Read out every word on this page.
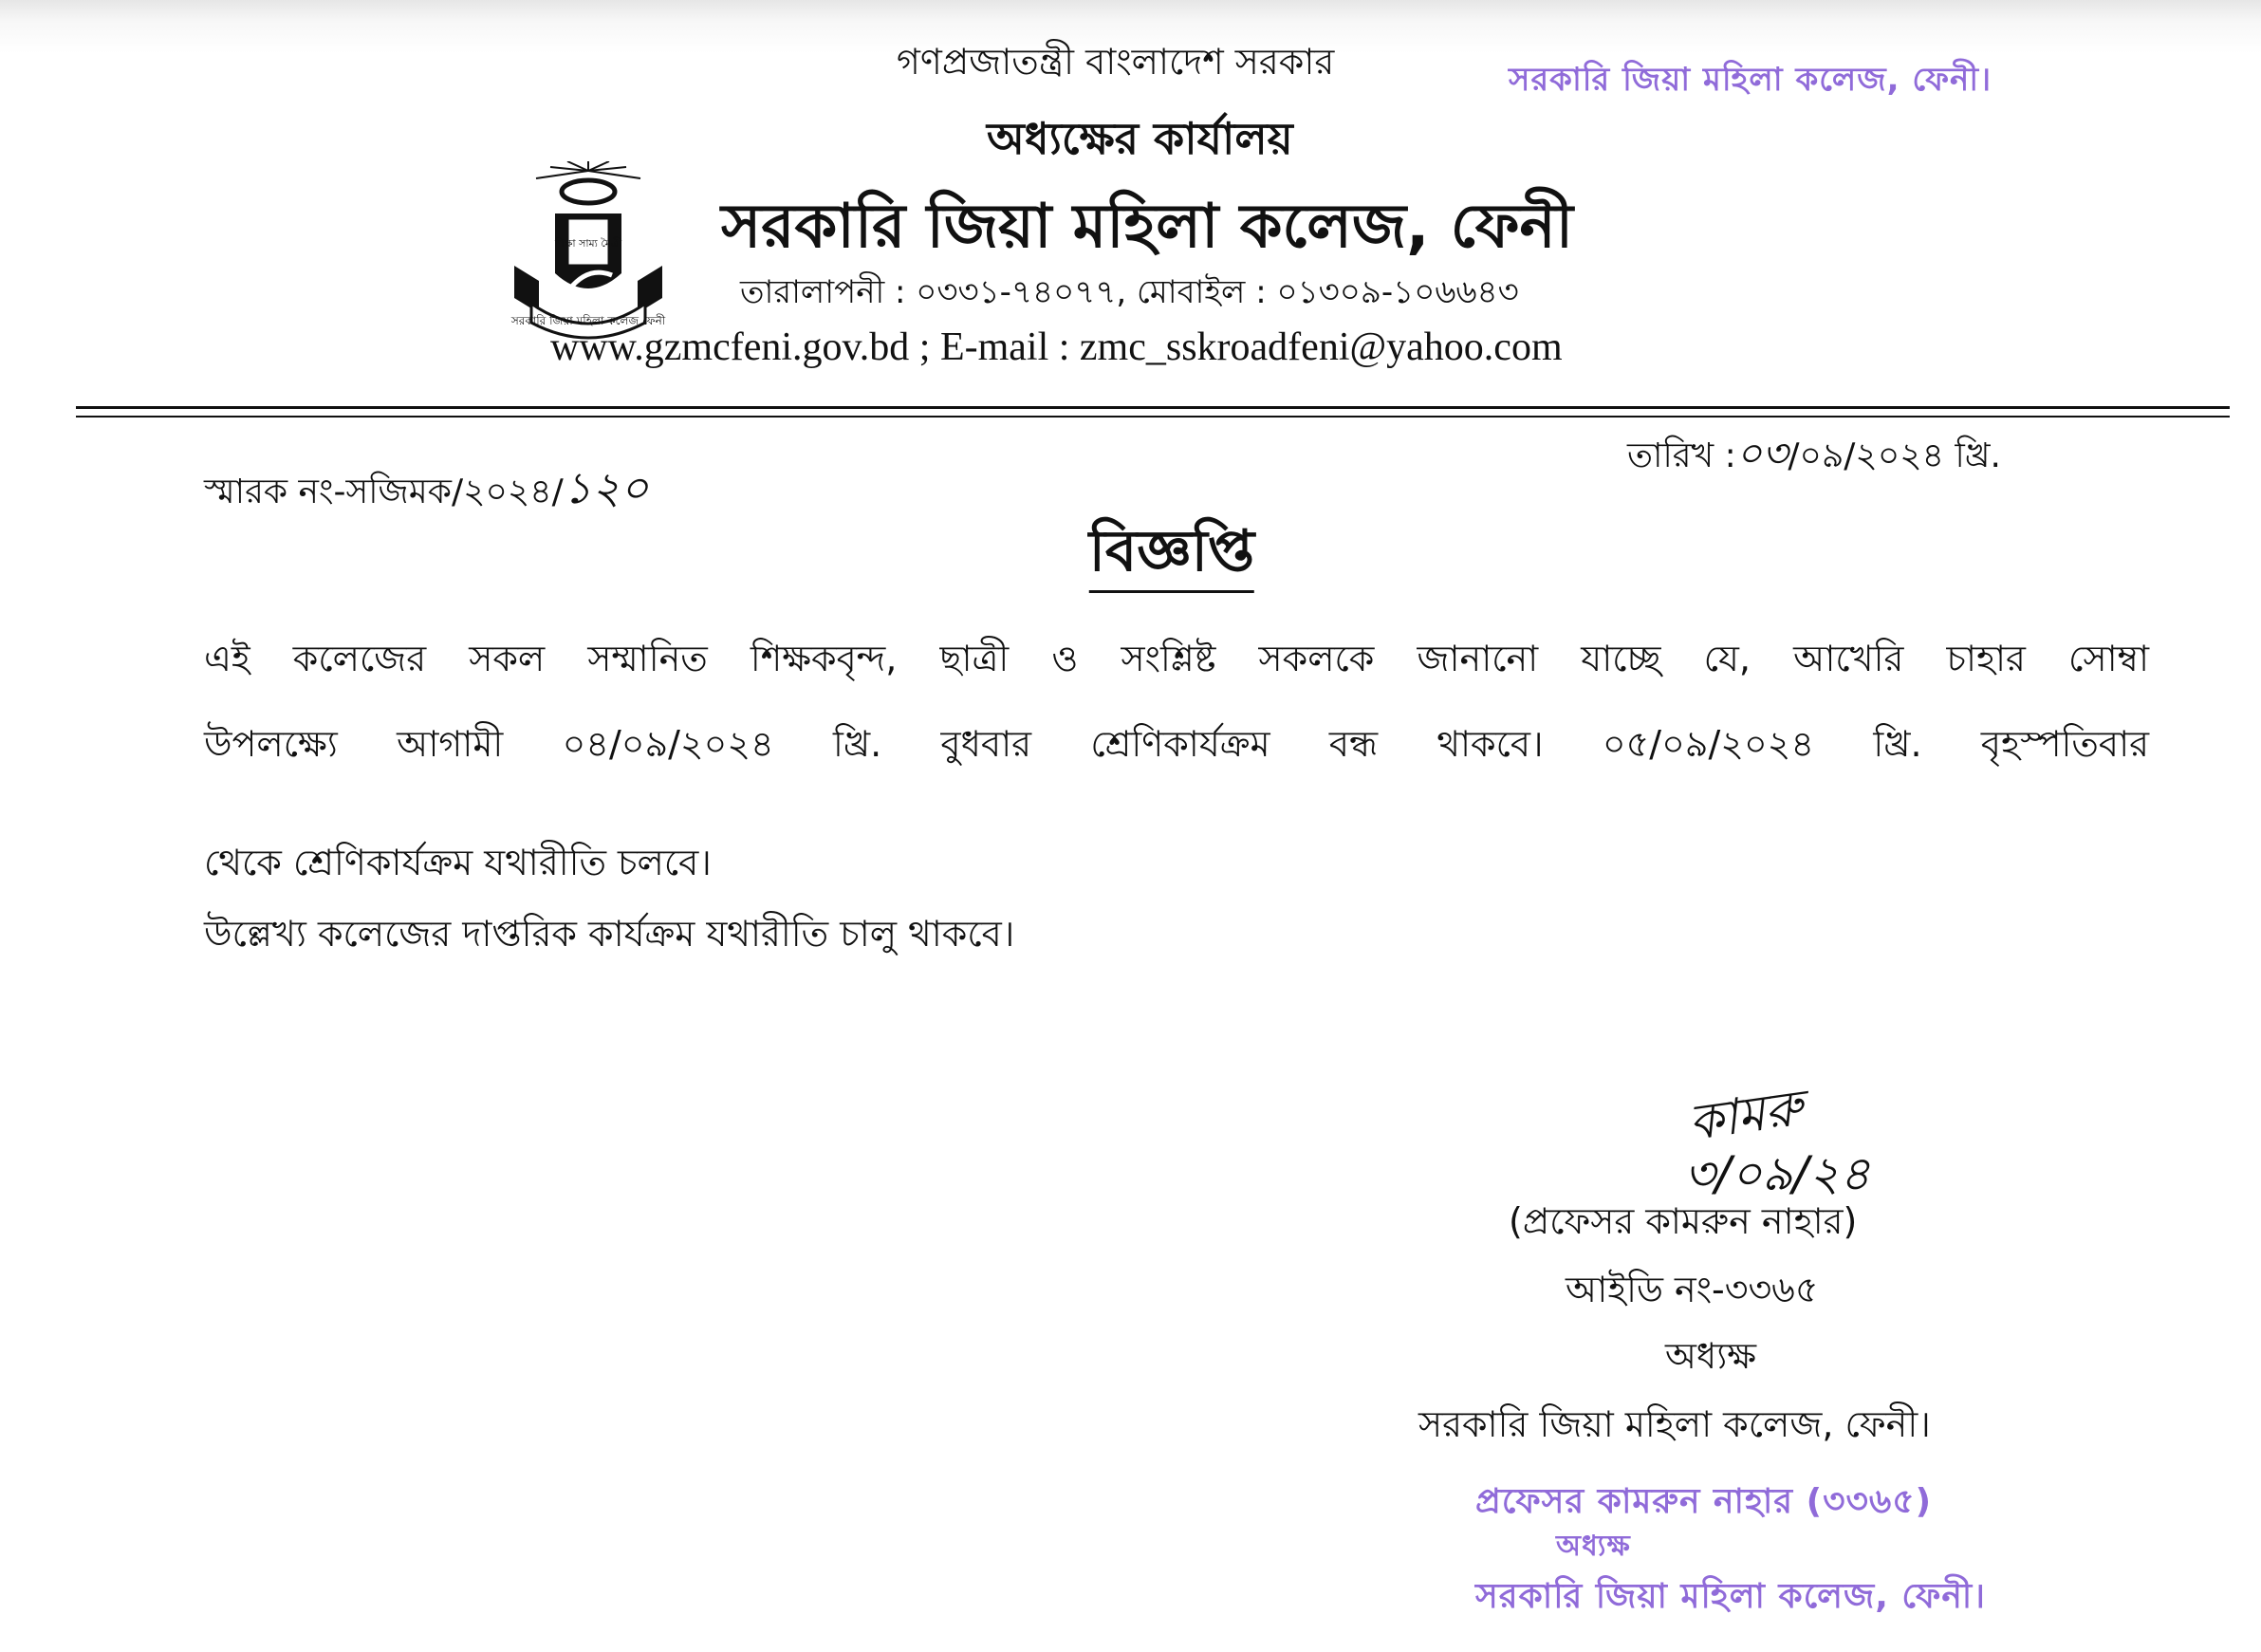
সরকারি জিয়া মহিলা কলেজ, ফেনী।
গণপ্রজাতন্ত্রী বাংলাদেশ সরকার
অধ্যক্ষের কার্যালয়
শিক্ষা সাম্য মৈত্রী
সরকারি জিয়া মহিলা কলেজ ফেনী
সরকারি জিয়া মহিলা কলেজ, ফেনী
তারালাপনী : ০৩৩১-৭৪০৭৭, মোবাইল : ০১৩০৯-১০৬৬৪৩
www.gzmcfeni.gov.bd ; E-mail : zmc_sskroadfeni@yahoo.com
স্মারক নং-সজিমক/২০২৪/১২০
তারিখ :০৩/০৯/২০২৪ খ্রি.
বিজ্ঞপ্তি
এই কলেজের সকল সম্মানিত শিক্ষকবৃন্দ, ছাত্রী ও সংশ্লিষ্ট সকলকে জানানো যাচ্ছে যে, আখেরি চাহার সোম্বা
উপলক্ষ্যে আগামী ০৪/০৯/২০২৪ খ্রি. বুধবার শ্রেণিকার্যক্রম বন্ধ থাকবে। ০৫/০৯/২০২৪ খ্রি. বৃহস্পতিবার
থেকে শ্রেণিকার্যক্রম যথারীতি চলবে।
উল্লেখ্য কলেজের দাপ্তরিক কার্যক্রম যথারীতি চালু থাকবে।
কামরু
৩/০৯/২৪
(প্রফেসর কামরুন নাহার)
আইডি নং-৩৩৬৫
অধ্যক্ষ
সরকারি জিয়া মহিলা কলেজ, ফেনী।
প্রফেসর কামরুন নাহার (৩৩৬৫)
অধ্যক্ষ
সরকারি জিয়া মহিলা কলেজ, ফেনী।
